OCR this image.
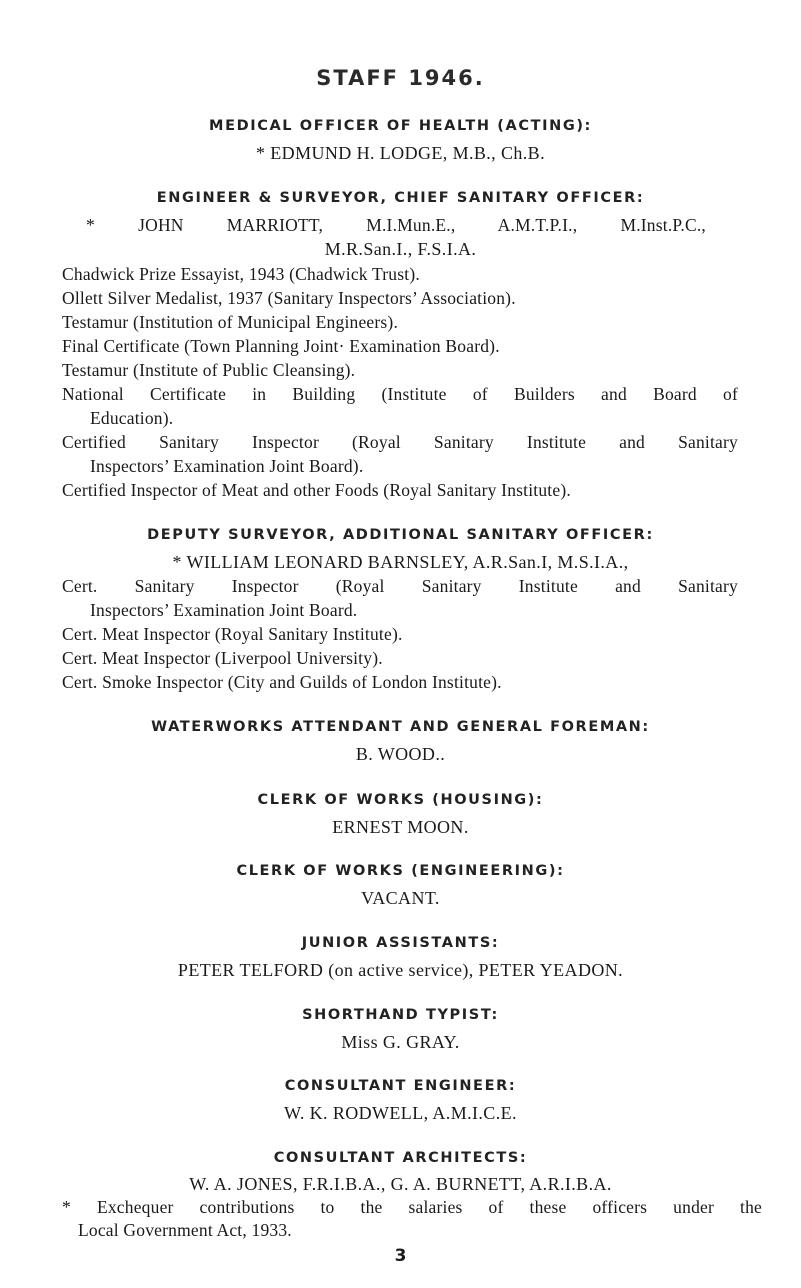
STAFF 1946.
MEDICAL OFFICER OF HEALTH (ACTING):
* EDMUND H. LODGE, M.B., Ch.B.
ENGINEER & SURVEYOR, CHIEF SANITARY OFFICER:
* JOHN MARRIOTT, M.I.Mun.E., A.M.T.P.I., M.Inst.P.C.,
M.R.San.I., F.S.I.A.
Chadwick Prize Essayist, 1943 (Chadwick Trust).
Ollett Silver Medalist, 1937 (Sanitary Inspectors’ Association).
Testamur (Institution of Municipal Engineers).
Final Certificate (Town Planning Joint· Examination Board).
Testamur (Institute of Public Cleansing).
National Certificate in Building (Institute of Builders and Board of
Education).
Certified Sanitary Inspector (Royal Sanitary Institute and Sanitary
Inspectors’ Examination Joint Board).
Certified Inspector of Meat and other Foods (Royal Sanitary Institute).
DEPUTY SURVEYOR, ADDITIONAL SANITARY OFFICER:
* WILLIAM LEONARD BARNSLEY, A.R.San.I, M.S.I.A.,
Cert. Sanitary Inspector (Royal Sanitary Institute and Sanitary
Inspectors’ Examination Joint Board.
Cert. Meat Inspector (Royal Sanitary Institute).
Cert. Meat Inspector (Liverpool University).
Cert. Smoke Inspector (City and Guilds of London Institute).
WATERWORKS ATTENDANT AND GENERAL FOREMAN:
B. WOOD..
CLERK OF WORKS (HOUSING):
ERNEST MOON.
CLERK OF WORKS (ENGINEERING):
VACANT.
JUNIOR ASSISTANTS:
PETER TELFORD (on active service), PETER YEADON.
SHORTHAND TYPIST:
Miss G. GRAY.
CONSULTANT ENGINEER:
W. K. RODWELL, A.M.I.C.E.
CONSULTANT ARCHITECTS:
W. A. JONES, F.R.I.B.A., G. A. BURNETT, A.R.I.B.A.
* Exchequer contributions to the salaries of these officers under the
Local Government Act, 1933.
3
